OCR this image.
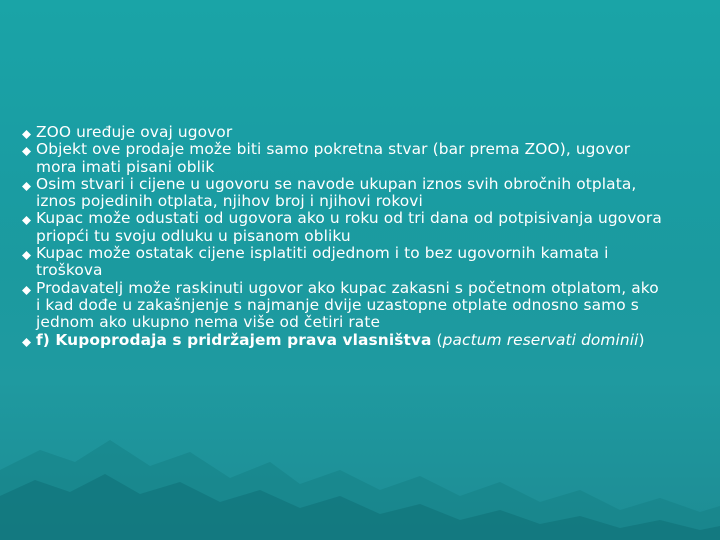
ZOO uređuje ovaj ugovor
Objekt ove prodaje može biti samo pokretna stvar (bar prema ZOO), ugovor mora imati pisani oblik
Osim stvari i cijene u ugovoru se navode ukupan iznos svih obročnih otplata, iznos pojedinih otplata, njihov broj i njihovi rokovi
Kupac može odustati od ugovora ako u roku od tri dana od potpisivanja ugovora priopći tu svoju odluku u pisanom obliku
Kupac može ostatak cijene isplatiti odjednom i to bez ugovornih kamata i troškova
Prodavatelj može raskinuti ugovor ako kupac zakasni s početnom otplatom, ako i kad dođe u zakašnjenje s najmanje dvije uzastopne otplate odnosno samo s jednom ako ukupno nema više od četiri rate
f) Kupoprodaja s pridržajem prava vlasništva (pactum reservati dominii)
